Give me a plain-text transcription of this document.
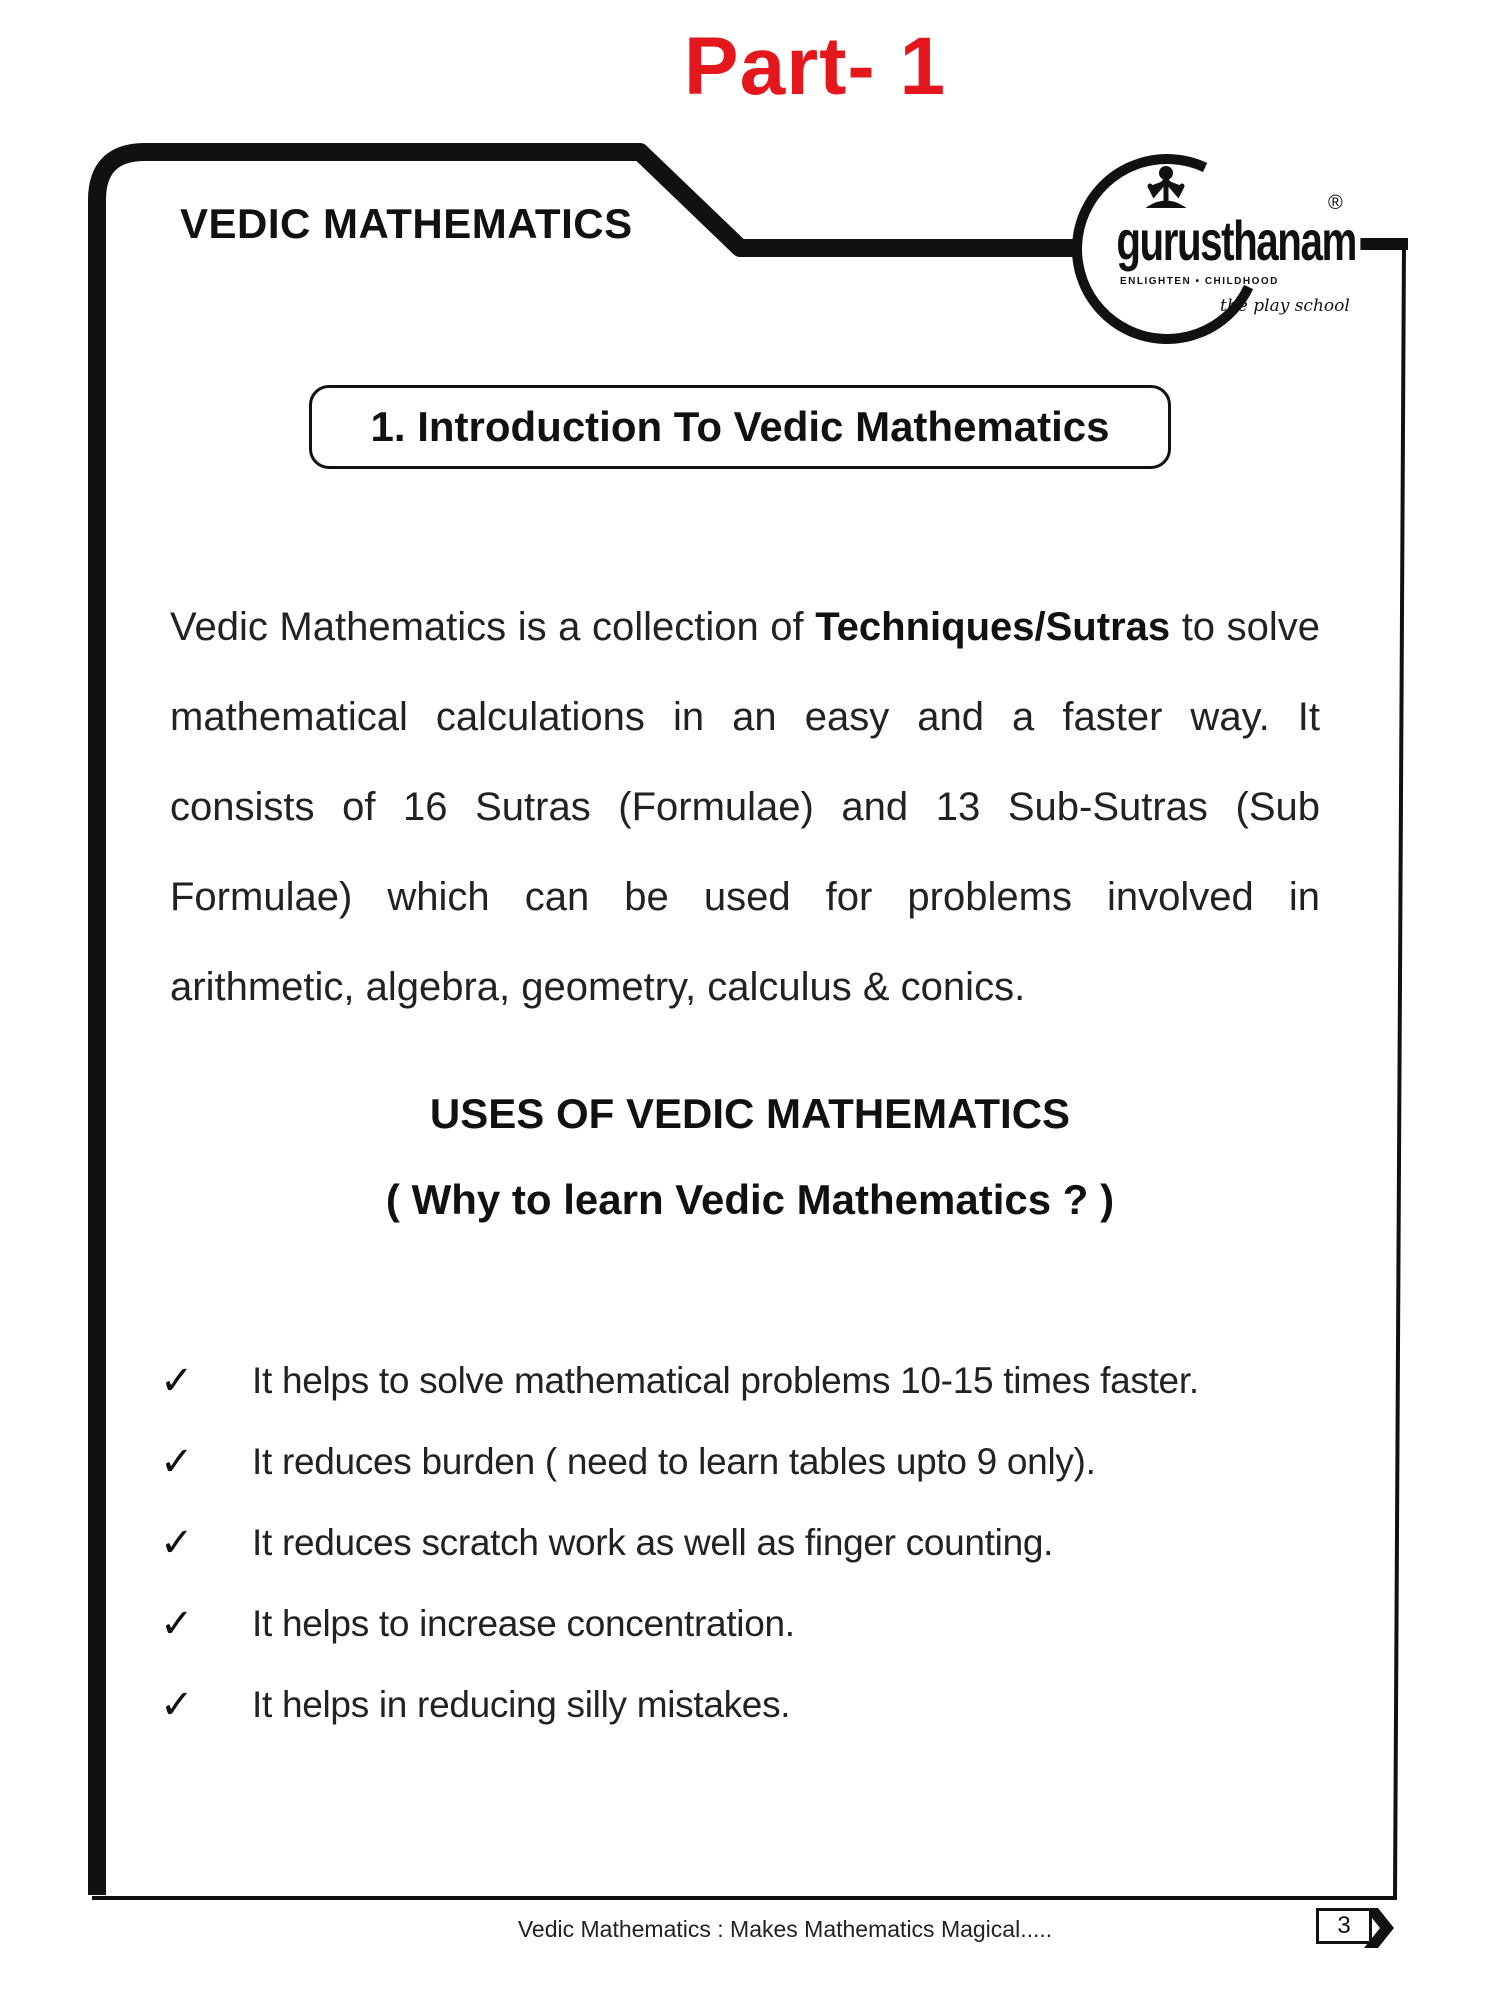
Part- 1
VEDIC MATHEMATICS	gurusthanam
ENLIGHTEN • CHILDHOOD
the play school
®
1. Introduction To Vedic Mathematics

Vedic Mathematics is a collection of Techniques/Sutras to solve mathematical calculations in an easy and a faster way. It consists of 16 Sutras (Formulae) and 13 Sub-Sutras (Sub Formulae) which can be used for problems involved in arithmetic, algebra, geometry, calculus & conics.

USES OF VEDIC MATHEMATICS
( Why to learn Vedic Mathematics ? )
✓	It helps to solve mathematical problems 10-15 times faster.
✓	It reduces burden ( need to learn tables upto 9 only).
✓	It reduces scratch work as well as finger counting.
✓	It helps to increase concentration.
✓	It helps in reducing silly mistakes.
Vedic Mathematics : Makes Mathematics Magical.....	3
